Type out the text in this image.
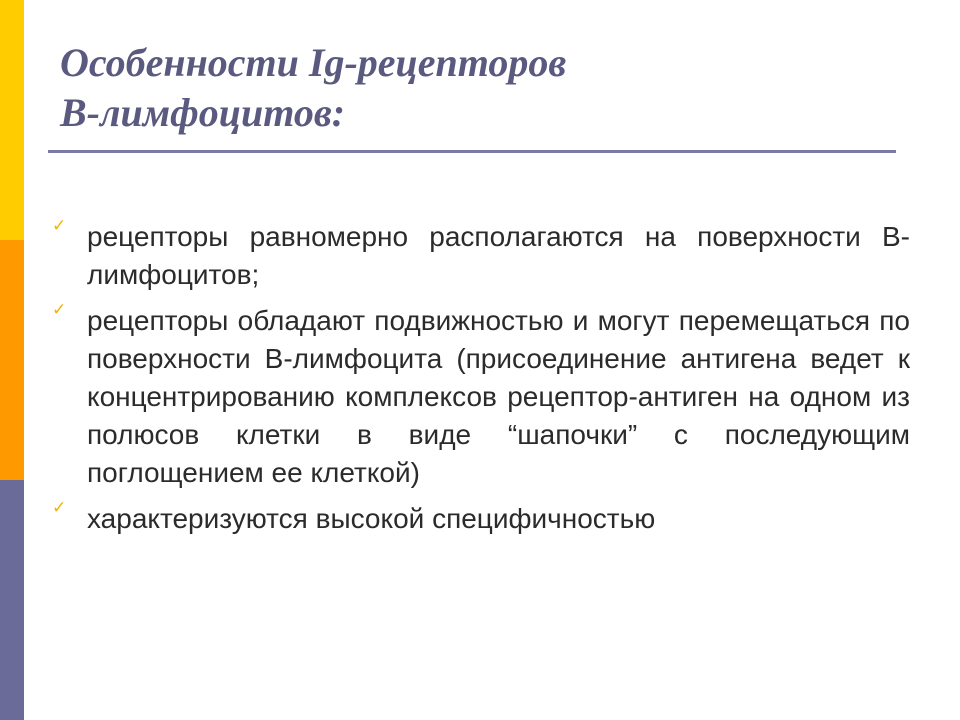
Особенности Ig-рецепторов
В-лимфоцитов:
✓ рецепторы равномерно располагаются на поверхности В-лимфоцитов;
✓ рецепторы обладают подвижностью и могут перемещаться по поверхности В-лимфоцита (присоединение антигена ведет к концентрированию комплексов рецептор-антиген на одном из полюсов клетки в виде “шапочки” с последующим поглощением ее клеткой)
✓ характеризуются высокой специфичностью
